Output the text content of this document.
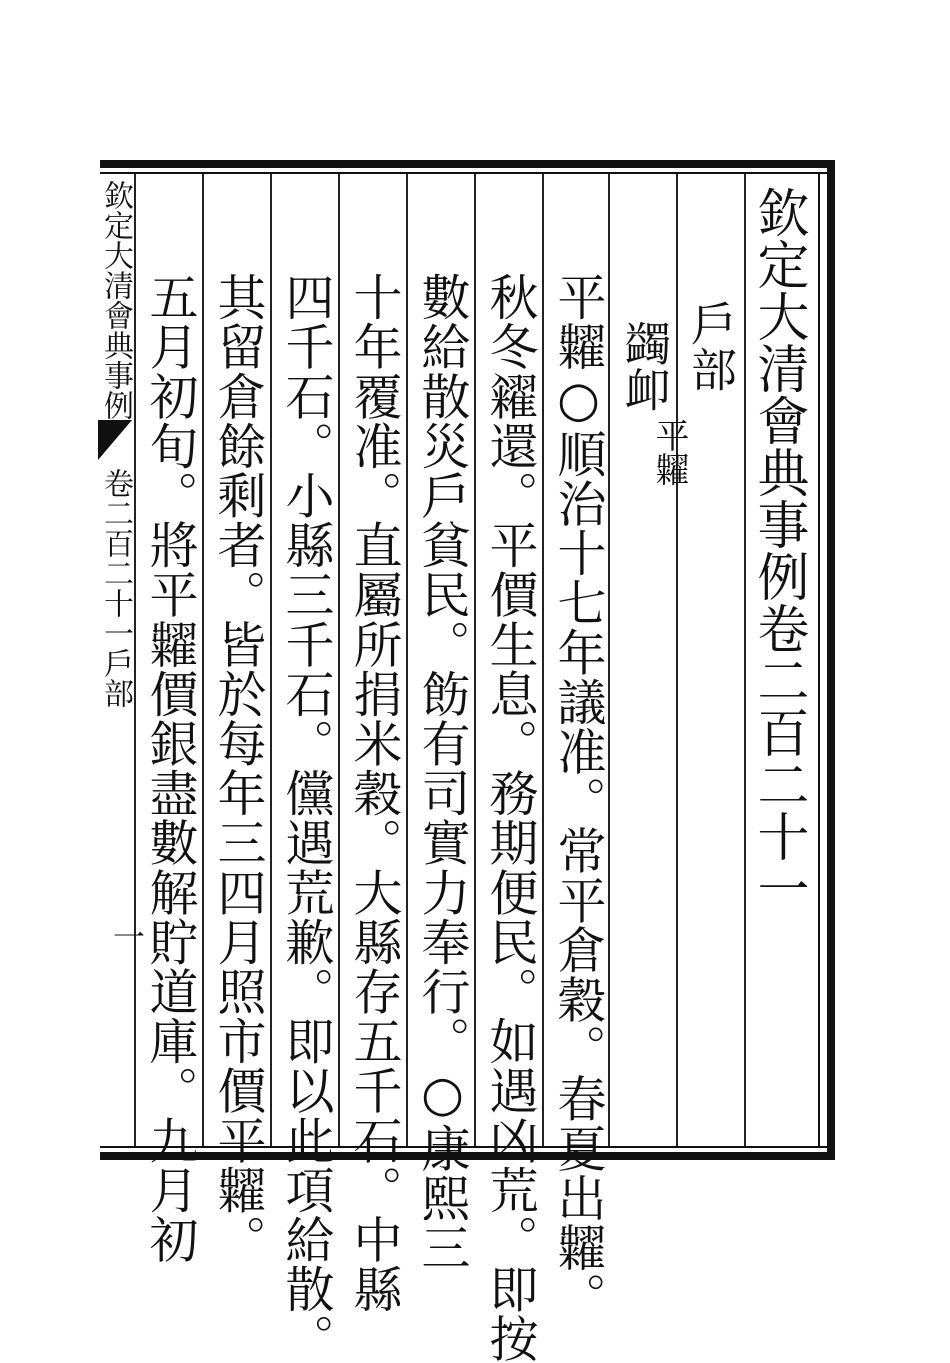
欽定大清會典事例卷二百二十一
戶部
蠲卹
平糶
平糶○順治十七年議准。常平倉穀。春夏出糶。
秋冬糴還。平價生息。務期便民。如遇凶荒。即按
數給散災戶貧民。飭有司實力奉行。○康熙三
十年覆准。直屬所捐米穀。大縣存五千石。中縣
四千石。小縣三千石。儻遇荒歉。即以此項給散。
其留倉餘剩者。皆於每年三四月照市價平糶。
五月初旬。將平糶價銀盡數解貯道庫。九月初
欽定大清會典事例
卷二百二十一戶部
一
